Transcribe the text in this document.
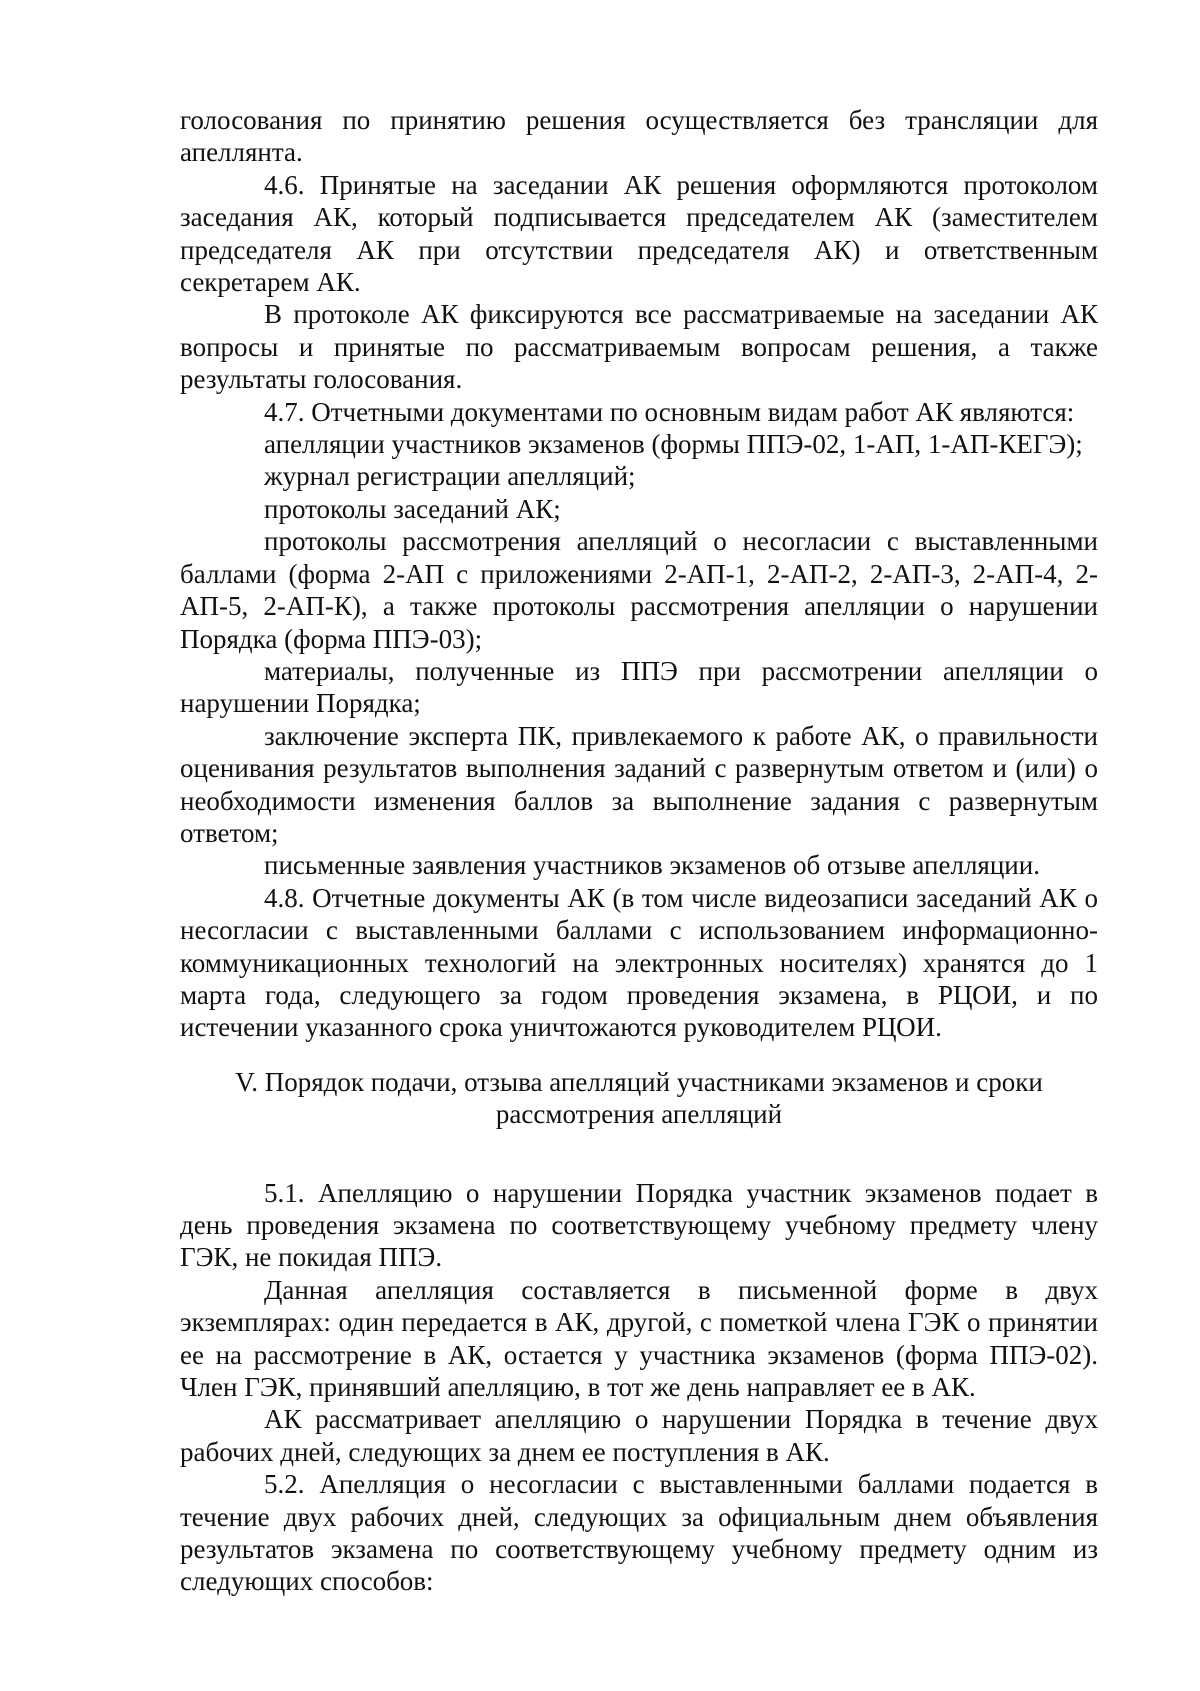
голосования по принятию решения осуществляется без трансляции для апеллянта.

4.6. Принятые на заседании АК решения оформляются протоколом заседания АК, который подписывается председателем АК (заместителем председателя АК при отсутствии председателя АК) и ответственным секретарем АК.

В протоколе АК фиксируются все рассматриваемые на заседании АК вопросы и принятые по рассматриваемым вопросам решения, а также результаты голосования.

4.7. Отчетными документами по основным видам работ АК являются:

апелляции участников экзаменов (формы ППЭ-02, 1-АП, 1-АП-КЕГЭ);

журнал регистрации апелляций;

протоколы заседаний АК;

протоколы рассмотрения апелляций о несогласии с выставленными баллами (форма 2-АП с приложениями 2-АП-1, 2-АП-2, 2-АП-3, 2-АП-4, 2-АП-5, 2-АП-К), а также протоколы рассмотрения апелляции о нарушении Порядка (форма ППЭ-03);

материалы, полученные из ППЭ при рассмотрении апелляции о нарушении Порядка;

заключение эксперта ПК, привлекаемого к работе АК, о правильности оценивания результатов выполнения заданий с развернутым ответом и (или) о необходимости изменения баллов за выполнение задания с развернутым ответом;

письменные заявления участников экзаменов об отзыве апелляции.

4.8. Отчетные документы АК (в том числе видеозаписи заседаний АК о несогласии с выставленными баллами с использованием информационно-коммуникационных технологий на электронных носителях) хранятся до 1 марта года, следующего за годом проведения экзамена, в РЦОИ, и по истечении указанного срока уничтожаются руководителем РЦОИ.

V. Порядок подачи, отзыва апелляций участниками экзаменов и сроки
рассмотрения апелляций

5.1. Апелляцию о нарушении Порядка участник экзаменов подает в день проведения экзамена по соответствующему учебному предмету члену ГЭК, не покидая ППЭ.

Данная апелляция составляется в письменной форме в двух экземплярах: один передается в АК, другой, с пометкой члена ГЭК о принятии ее на рассмотрение в АК, остается у участника экзаменов (форма ППЭ-02). Член ГЭК, принявший апелляцию, в тот же день направляет ее в АК.

АК рассматривает апелляцию о нарушении Порядка в течение двух рабочих дней, следующих за днем ее поступления в АК.

5.2. Апелляция о несогласии с выставленными баллами подается в течение двух рабочих дней, следующих за официальным днем объявления результатов экзамена по соответствующему учебному предмету одним из следующих способов:
